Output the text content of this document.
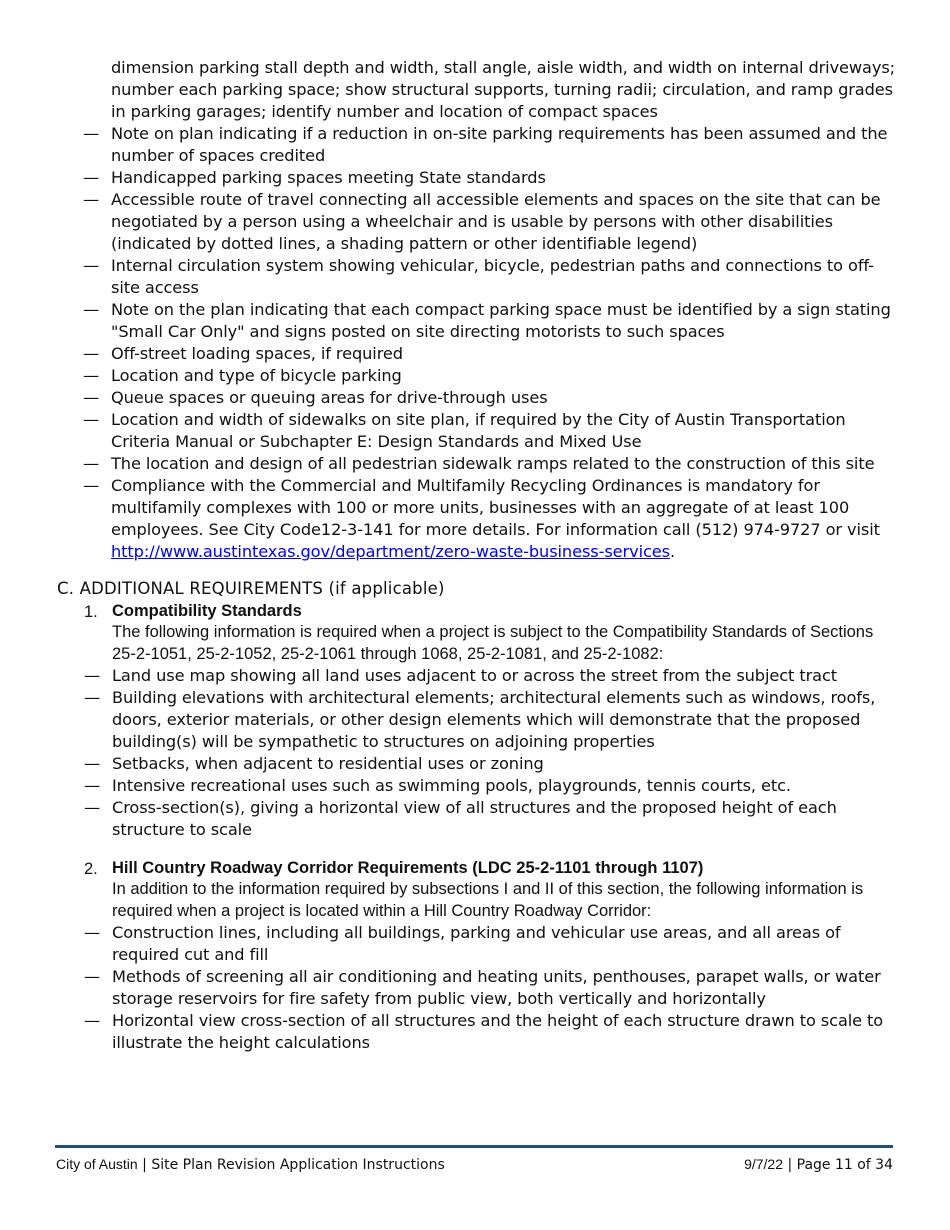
dimension parking stall depth and width, stall angle, aisle width, and width on internal driveways; number each parking space; show structural supports, turning radii; circulation, and ramp grades in parking garages; identify number and location of compact spaces
— Note on plan indicating if a reduction in on-site parking requirements has been assumed and the number of spaces credited
— Handicapped parking spaces meeting State standards
— Accessible route of travel connecting all accessible elements and spaces on the site that can be negotiated by a person using a wheelchair and is usable by persons with other disabilities (indicated by dotted lines, a shading pattern or other identifiable legend)
— Internal circulation system showing vehicular, bicycle, pedestrian paths and connections to off-site access
— Note on the plan indicating that each compact parking space must be identified by a sign stating "Small Car Only" and signs posted on site directing motorists to such spaces
— Off-street loading spaces, if required
— Location and type of bicycle parking
— Queue spaces or queuing areas for drive-through uses
— Location and width of sidewalks on site plan, if required by the City of Austin Transportation Criteria Manual or Subchapter E: Design Standards and Mixed Use
— The location and design of all pedestrian sidewalk ramps related to the construction of this site
— Compliance with the Commercial and Multifamily Recycling Ordinances is mandatory for multifamily complexes with 100 or more units, businesses with an aggregate of at least 100 employees. See City Code12-3-141 for more details. For information call (512) 974-9727 or visit http://www.austintexas.gov/department/zero-waste-business-services.
C. ADDITIONAL REQUIREMENTS (if applicable)
1. Compatibility Standards
The following information is required when a project is subject to the Compatibility Standards of Sections 25-2-1051, 25-2-1052, 25-2-1061 through 1068, 25-2-1081, and 25-2-1082:
— Land use map showing all land uses adjacent to or across the street from the subject tract
— Building elevations with architectural elements; architectural elements such as windows, roofs, doors, exterior materials, or other design elements which will demonstrate that the proposed building(s) will be sympathetic to structures on adjoining properties
— Setbacks, when adjacent to residential uses or zoning
— Intensive recreational uses such as swimming pools, playgrounds, tennis courts, etc.
— Cross-section(s), giving a horizontal view of all structures and the proposed height of each structure to scale
2. Hill Country Roadway Corridor Requirements (LDC 25-2-1101 through 1107)
In addition to the information required by subsections I and II of this section, the following information is required when a project is located within a Hill Country Roadway Corridor:
— Construction lines, including all buildings, parking and vehicular use areas, and all areas of required cut and fill
— Methods of screening all air conditioning and heating units, penthouses, parapet walls, or water storage reservoirs for fire safety from public view, both vertically and horizontally
— Horizontal view cross-section of all structures and the height of each structure drawn to scale to illustrate the height calculations
City of Austin | Site Plan Revision Application Instructions	9/7/22 | Page 11 of 34
